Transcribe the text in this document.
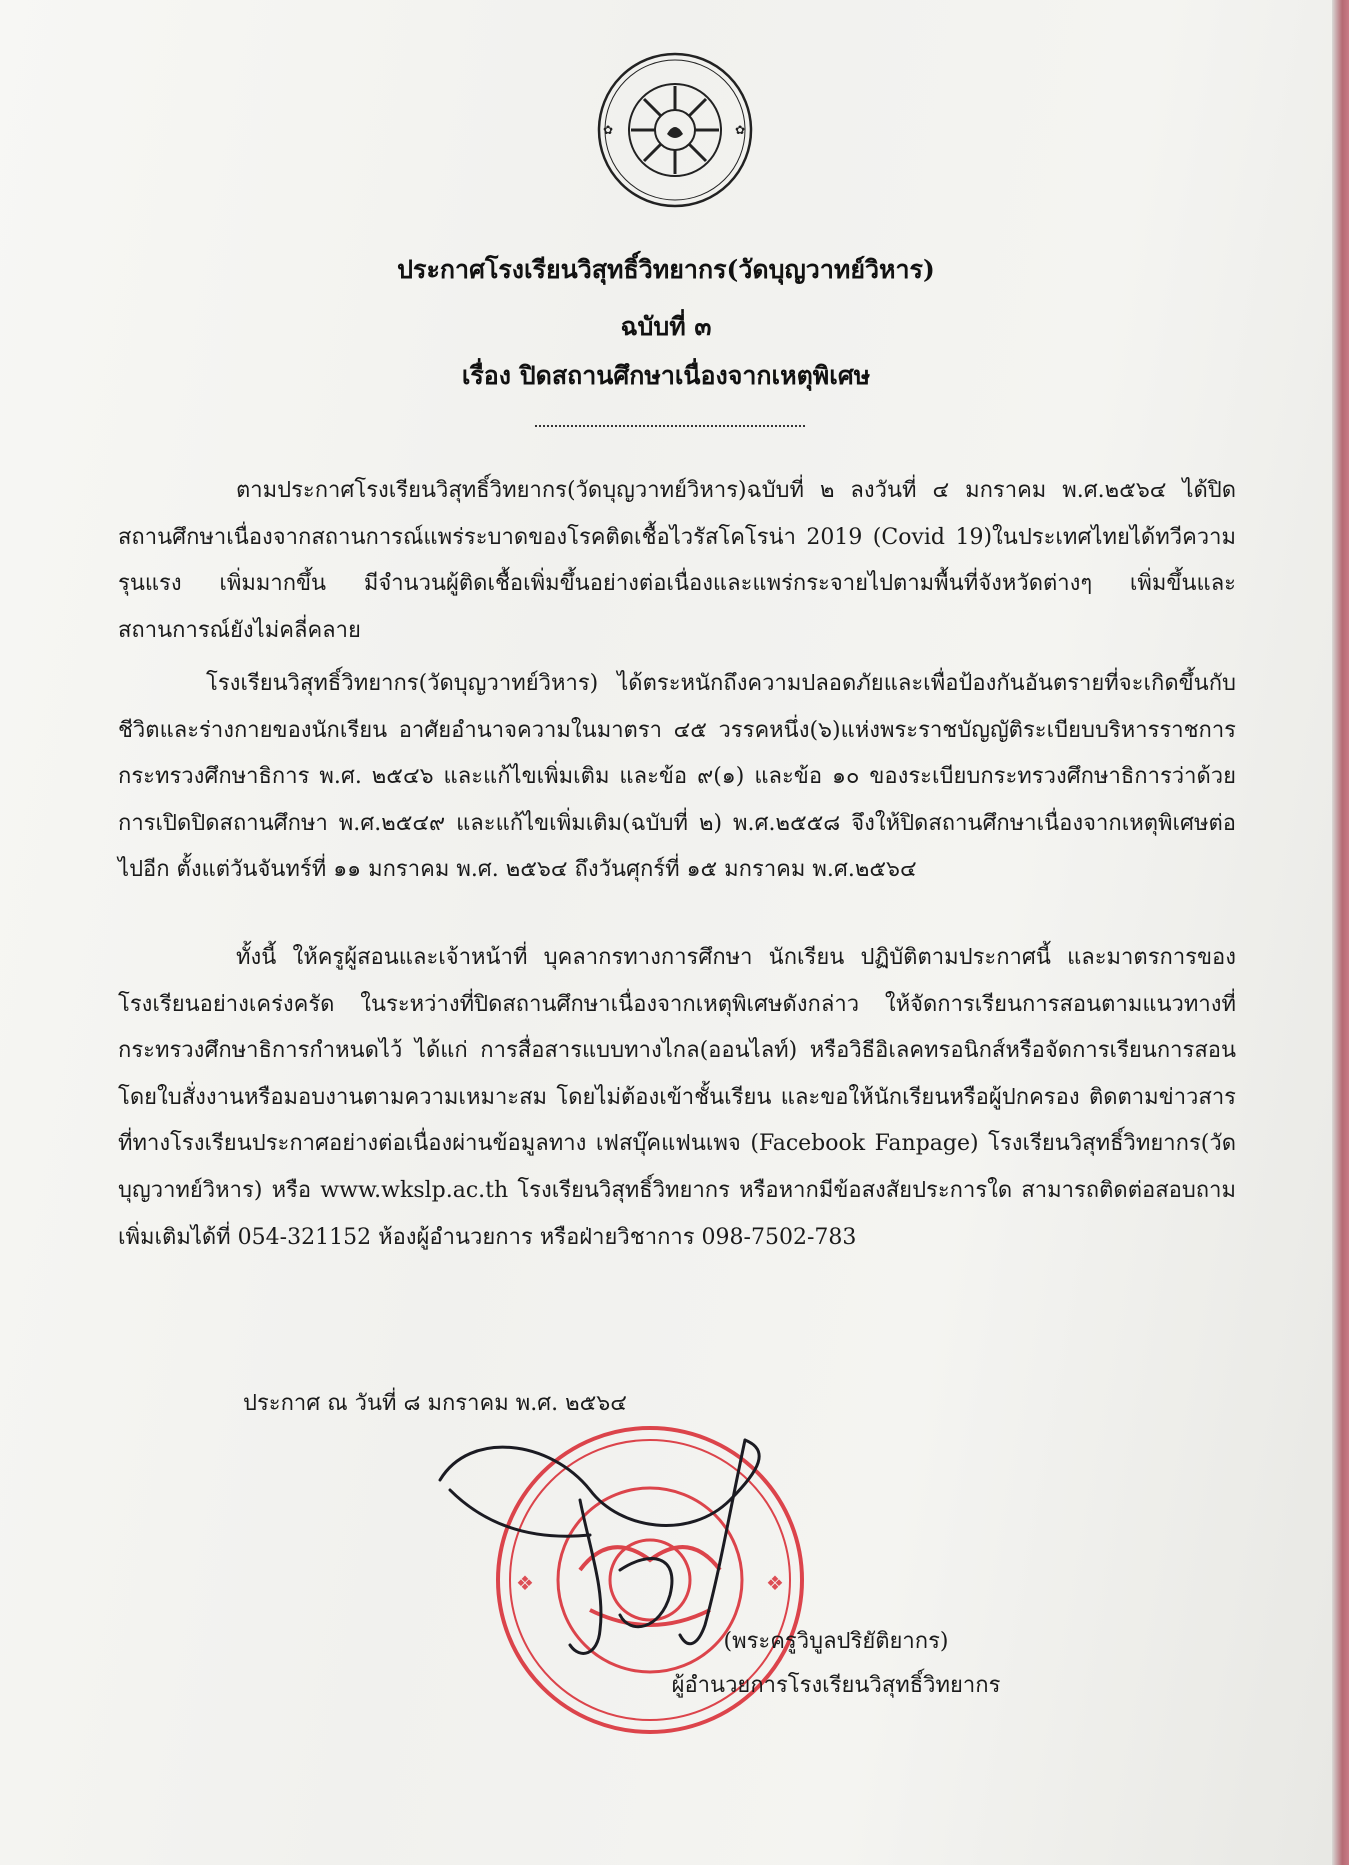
✿	✿
ประกาศโรงเรียนวิสุทธิ์วิทยากร(วัดบุญวาทย์วิหาร)
ฉบับที่ ๓
เรื่อง ปิดสถานศึกษาเนื่องจากเหตุพิเศษ

ตามประกาศโรงเรียนวิสุทธิ์วิทยากร(วัดบุญวาทย์วิหาร)ฉบับที่ ๒ ลงวันที่ ๔ มกราคม พ.ศ.๒๕๖๔ ได้ปิดสถานศึกษาเนื่องจากสถานการณ์แพร่ระบาดของโรคติดเชื้อไวรัสโคโรน่า 2019 (Covid 19)ในประเทศไทยได้ทวีความรุนแรง เพิ่มมากขึ้น มีจำนวนผู้ติดเชื้อเพิ่มขึ้นอย่างต่อเนื่องและแพร่กระจายไปตามพื้นที่จังหวัดต่างๆ เพิ่มขึ้นและสถานการณ์ยังไม่คลี่คลาย

โรงเรียนวิสุทธิ์วิทยากร(วัดบุญวาทย์วิหาร) ได้ตระหนักถึงความปลอดภัยและเพื่อป้องกันอันตรายที่จะเกิดขึ้นกับชีวิตและร่างกายของนักเรียน อาศัยอำนาจความในมาตรา ๔๕ วรรคหนึ่ง(๖)แห่งพระราชบัญญัติระเบียบบริหารราชการกระทรวงศึกษาธิการ พ.ศ. ๒๕๔๖ และแก้ไขเพิ่มเติม และข้อ ๙(๑) และข้อ ๑๐ ของระเบียบกระทรวงศึกษาธิการว่าด้วยการเปิดปิดสถานศึกษา พ.ศ.๒๕๔๙ และแก้ไขเพิ่มเติม(ฉบับที่ ๒) พ.ศ.๒๕๕๘ จึงให้ปิดสถานศึกษาเนื่องจากเหตุพิเศษต่อไปอีก ตั้งแต่วันจันทร์ที่ ๑๑ มกราคม พ.ศ. ๒๕๖๔ ถึงวันศุกร์ที่ ๑๕ มกราคม พ.ศ.๒๕๖๔

ทั้งนี้ ให้ครูผู้สอนและเจ้าหน้าที่ บุคลากรทางการศึกษา นักเรียน ปฏิบัติตามประกาศนี้ และมาตรการของโรงเรียนอย่างเคร่งครัด ในระหว่างที่ปิดสถานศึกษาเนื่องจากเหตุพิเศษดังกล่าว ให้จัดการเรียนการสอนตามแนวทางที่กระทรวงศึกษาธิการกำหนดไว้ ได้แก่ การสื่อสารแบบทางไกล(ออนไลท์) หรือวิธีอิเลคทรอนิกส์หรือจัดการเรียนการสอนโดยใบสั่งงานหรือมอบงานตามความเหมาะสม โดยไม่ต้องเข้าชั้นเรียน และขอให้นักเรียนหรือผู้ปกครอง ติดตามข่าวสารที่ทางโรงเรียนประกาศอย่างต่อเนื่องผ่านข้อมูลทาง เฟสบุ๊คแฟนเพจ (Facebook Fanpage) โรงเรียนวิสุทธิ์วิทยากร(วัดบุญวาทย์วิหาร) หรือ www.wkslp.ac.th โรงเรียนวิสุทธิ์วิทยากร หรือหากมีข้อสงสัยประการใด สามารถติดต่อสอบถามเพิ่มเติมได้ที่ 054-321152 ห้องผู้อำนวยการ หรือฝ่ายวิชาการ 098-7502-783

ประกาศ ณ วันที่ ๘ มกราคม พ.ศ. ๒๕๖๔
❖	❖
(พระครูวิบูลปริยัติยากร)
ผู้อำนวยการโรงเรียนวิสุทธิ์วิทยากร
